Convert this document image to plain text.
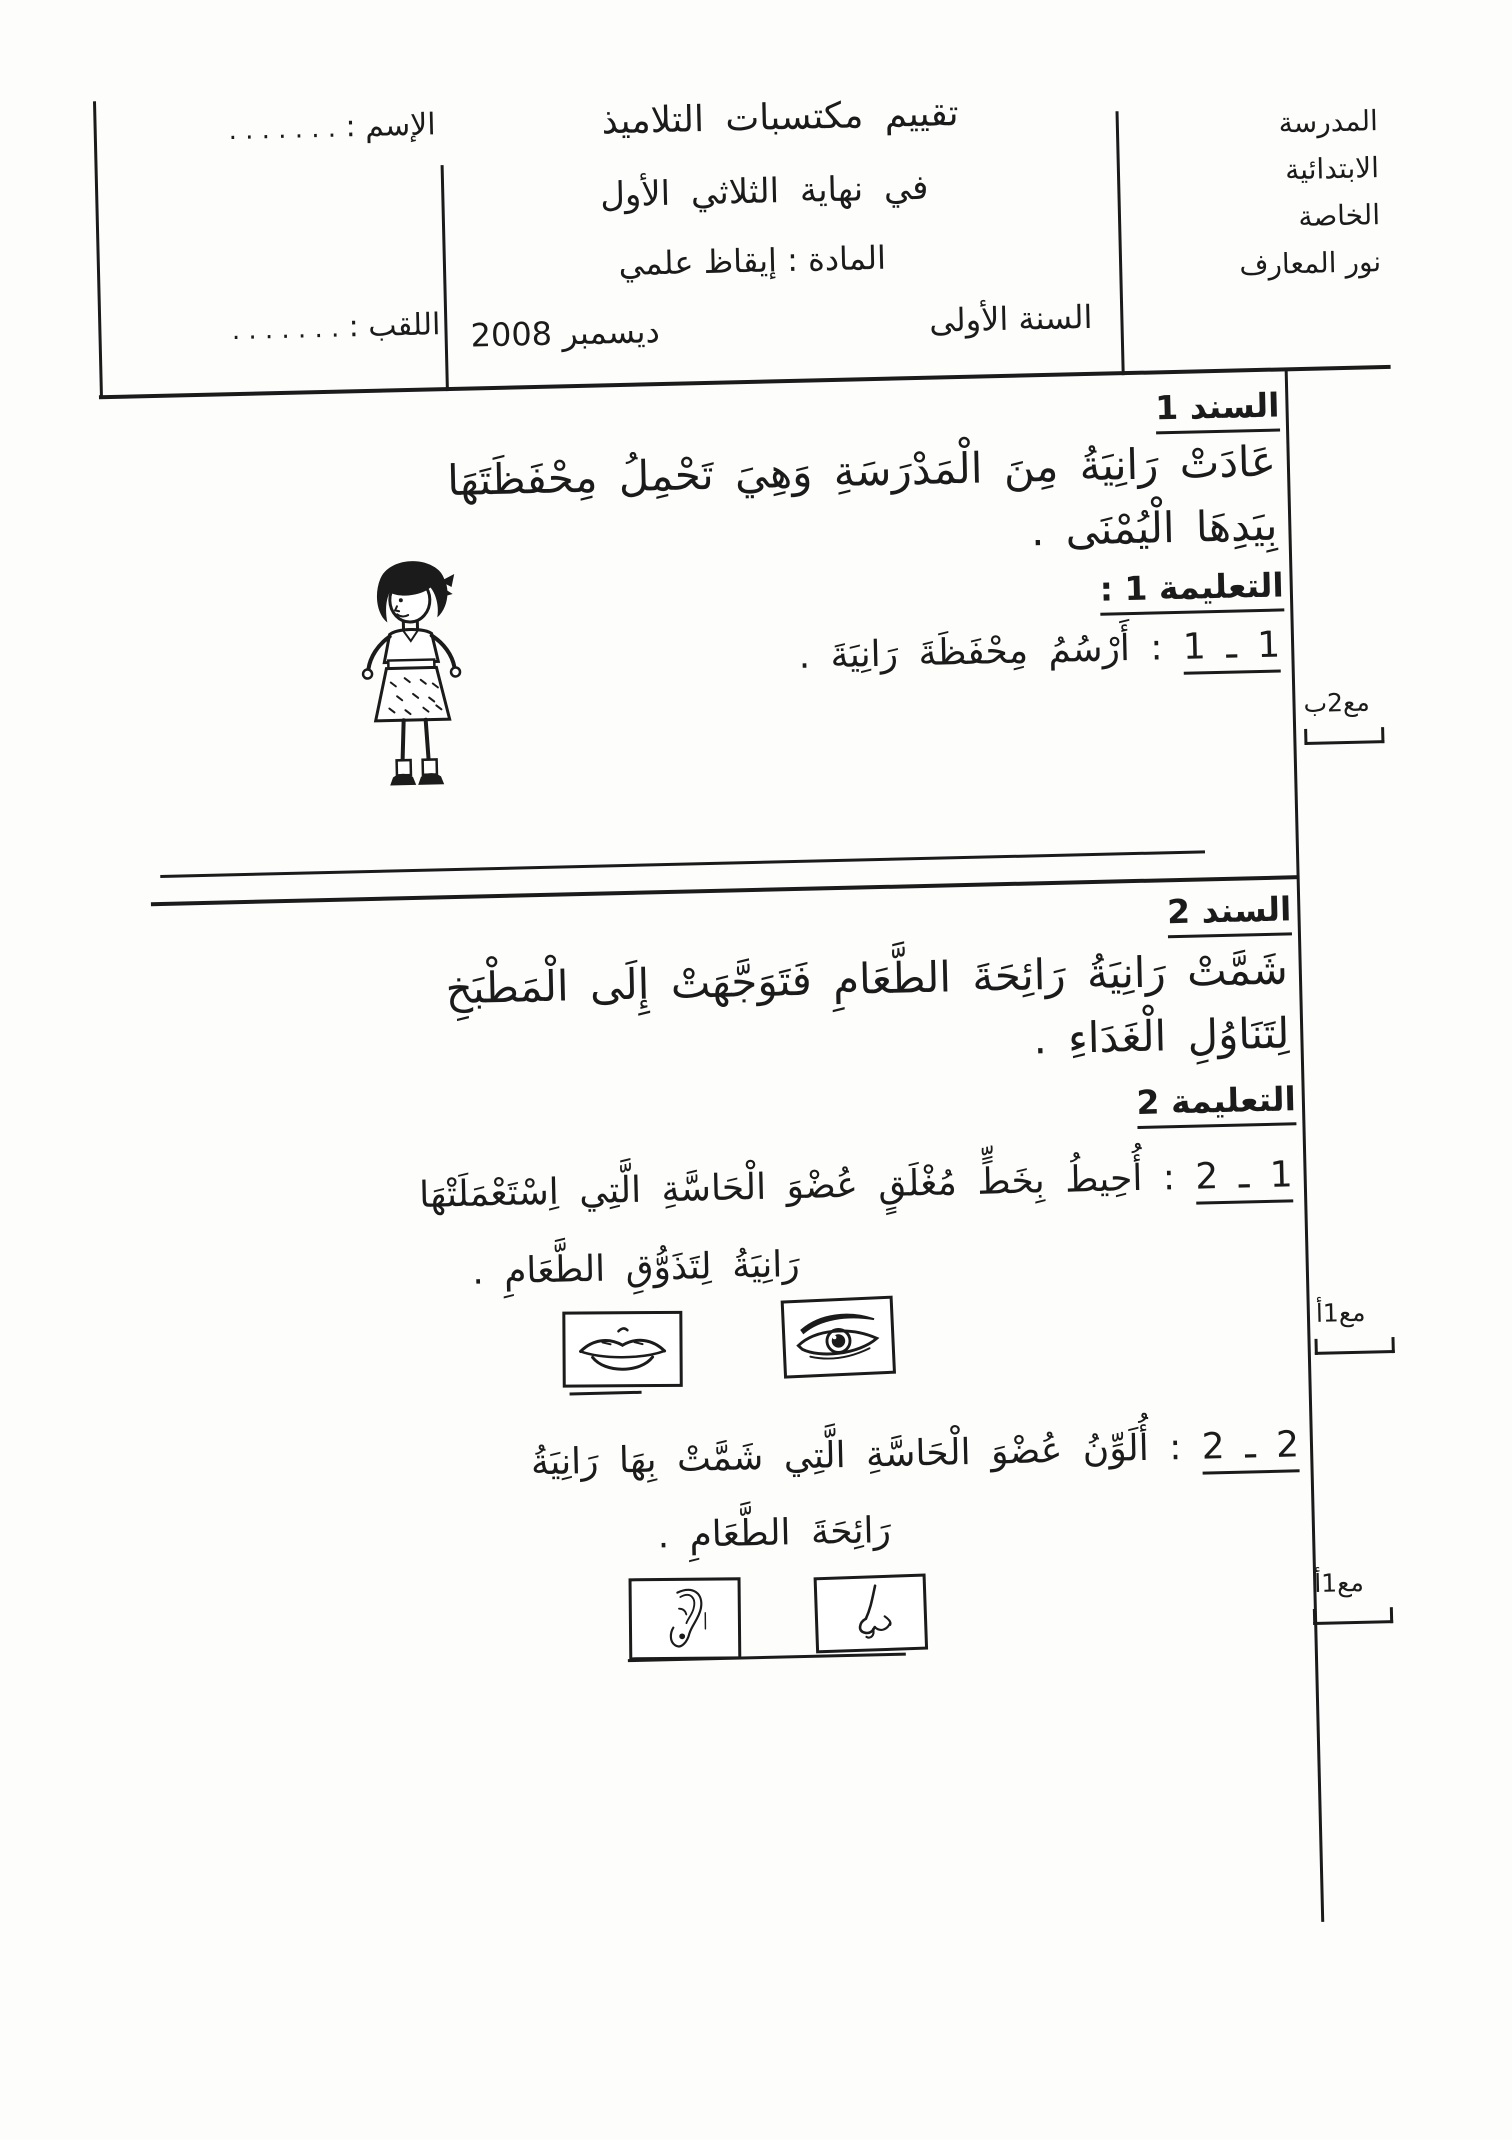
الإسم : . . . . . . .
اللقب : . . . . . . .
تقييم مكتسبات التلاميذ
في نهاية الثلاثي الأول
المادة : إيقاظ علمي
السنة الأولى
ديسمبر 2008
المدرسة
الابتدائية
الخاصة
نور المعارف
السند 1
عَادَتْ رَانِيَةُ مِنَ الْمَدْرَسَةِ وَهِيَ تَحْمِلُ مِحْفَظَتَهَا
بِيَدِهَا الْيُمْنَى .
التعليمة 1 :
1 ـ 1 : أَرْسُمُ مِحْفَظَةَ رَانِيَةَ .
مع2ب
السند 2
شَمَّتْ رَانِيَةُ رَائِحَةَ الطَّعَامِ فَتَوَجَّهَتْ إِلَى الْمَطْبَخِ
لِتَنَاوُلِ الْغَدَاءِ .
التعليمة 2
1 ـ 2 : أُحِيطُ بِخَطٍّ مُغْلَقٍ عُضْوَ الْحَاسَّةِ الَّتِي اِسْتَعْمَلَتْهَا
رَانِيَةُ لِتَذَوُّقِ الطَّعَامِ .
مع1أ
2 ـ 2 : أُلَوِّنُ عُضْوَ الْحَاسَّةِ الَّتِي شَمَّتْ بِهَا رَانِيَةُ
رَائِحَةَ الطَّعَامِ .
مع1أ
